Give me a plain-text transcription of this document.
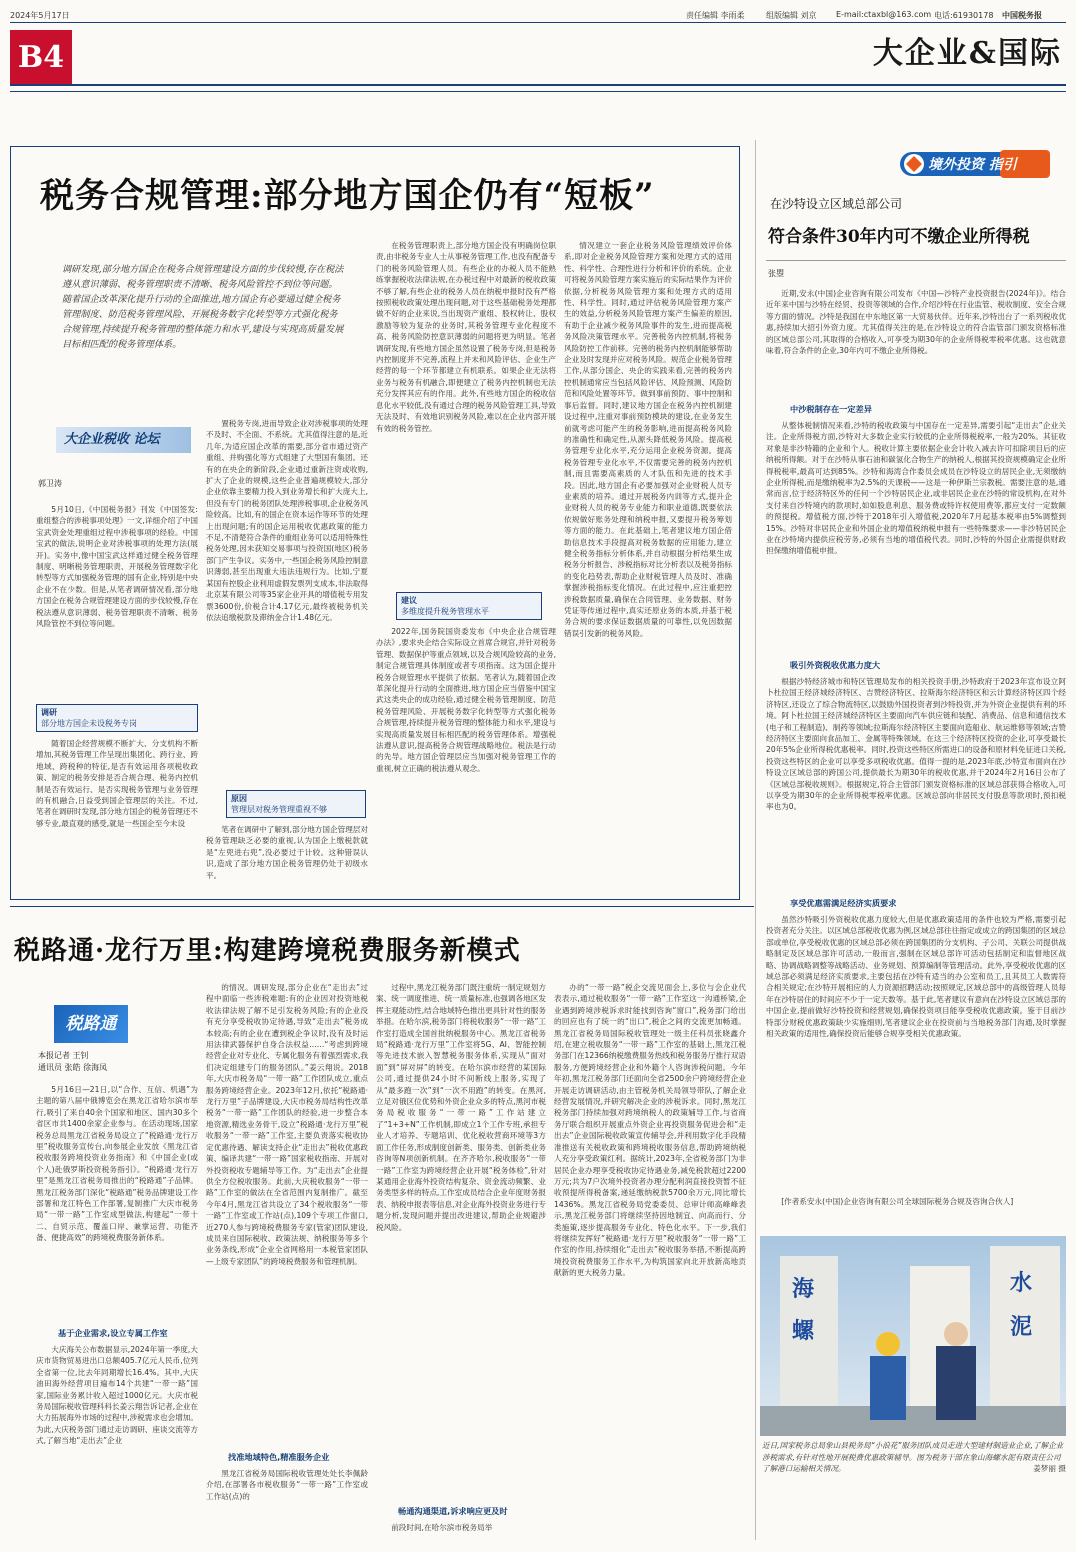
2024年5月17日	责任编辑 李雨柔	组版编辑 刘京 E-mail:ctaxbl@163.com 电话:61930178 中国税务报
B4	大企业&国际
税务合规管理:部分地方国企仍有“短板”
调研发现,部分地方国企在税务合规管理建设方面的步伐较慢,存在税法遵从意识薄弱、税务管理职责不清晰、税务风险管控不到位等问题。随着国企改革深化提升行动的全面推进,地方国企有必要通过健全税务管理制度、防范税务管理风险、开展税务数字化转型等方式强化税务合规管理,持续提升税务管理的整体能力和水平,建设与实现高质量发展目标相匹配的税务管理体系。
大企业税收 论坛
郭卫涛

5月10日,《中国税务报》刊发《中国签发:重组整合的涉税事项处理》一文,详细介绍了中国宝武资金处理重组过程中涉税事项的经验。中国宝武的做法,说明企业对涉税事项的处理方法(展开)。实务中,像中国宝武这样通过健全税务管理制度、明晰税务管理职责、开展税务管理数字化转型等方式加强税务管理的国有企业,特别是中央企业不在少数。但是,从笔者调研情况看,部分地方国企在税务合规管理建设方面的步伐较慢,存在税法遵从意识薄弱、税务管理职责不清晰、税务风险管控不到位等问题。

调研
部分地方国企未设税务专岗

随着国企经营规模不断扩大、分支机构不断增加,其税务管理工作呈现出集团化、跨行业、跨地域、跨税种的特征,是否有效运用各项税收政策、制定的税务安排是否合规合理、税务内控机制是否有效运行、是否实现税务管理与业务管理的有机融合,日益受到国企管理层的关注。不过,笔者在调研时发现,部分地方国企的税务管理还不够专业,最直观的感受,就是一些国企至今未设

置税务专岗,进而导致企业对涉税事项的处理不及时、不全面、不系统。尤其值得注意的是,近几年,为适应国企改革的需要,部分省市通过资产重组、并购强化等方式组建了大型国有集团。还有的在央企的新阶段,企业通过重新注资或收购,扩大了企业的规模,这些企业普遍规模较大,部分企业依靠主要精力投入到业务增长和扩大庞大上,但没有专门的税务团队处理涉税事项,企业税务风险较高。比如,有的国企在资本运作等环节的处理上出现问题;有的国企运用税收优惠政策的能力不足,不清楚符合条件的重组业务可以适用特殊性税务处理,因未获知交易事项与投资国(地区)税务部门产生争议。实务中,一些国企税务风险控制意识薄弱,甚至出现重大违法违规行为。比如,宁夏某国有控股企业利用虚假发票列支成本,非法取得北京某有限公司等35家企业开具的增值税专用发票3600份,价税合计4.17亿元,最终被税务机关依法追缴税款及滞纳金合计1.48亿元。

原因
管理层对税务管理重视不够

笔者在调研中了解到,部分地方国企管理层对税务管理缺乏必要的重视,认为国企上缴税款就是“左兜进右兜”,没必要过于计较。这种错误认识,造成了部分地方国企税务管理仍处于初级水平。

在税务管理职责上,部分地方国企没有明确岗位职责,由非税务专业人士从事税务管理工作,也没有配备专门的税务风险管理人员。有些企业的办税人员不能熟练掌握税收法律法规,在办税过程中对最新的税收政策不够了解,有些企业的税务人员在纳税申报时没有严格按照税收政策处理出现问题,对于这些基础税务处理都做不好的企业来说,当出现资产重组、股权转让、股权激励等较为复杂的业务时,其税务管理专业化程度不高、税务风险防控意识薄弱的问题将更为明显。笔者调研发现,有些地方国企虽然设置了税务专岗,但是税务内控制度并不完善,流程上并未和风险评估、企业生产经营的每一个环节都建立有机联系。如果企业无法将业务与税务有机融合,即便建立了税务内控机制也无法充分发挥其应有的作用。此外,有些地方国企的税收信息化水平较低,没有通过合理的税务风险管理工具,导致无法及时、有效地识别税务风险,难以在企业内部开展有效的税务管控。

建议
多维度提升税务管理水平

2022年,国务院国资委发布《中央企业合规管理办法》,要求央企结合实际设立首席合规官,并针对税务管理、数据保护等重点领域,以及合规风险较高的业务,制定合规管理具体制度或者专项指南。这为国企提升税务合规管理水平提供了依据。笔者认为,随着国企改革深化提升行动的全面推进,地方国企应当借鉴中国宝武这类央企的成功经验,通过健全税务管理制度、防范税务管理风险、开展税务数字化转型等方式强化税务合规管理,持续提升税务管理的整体能力和水平,建设与实现高质量发展目标相匹配的税务管理体系。增强税法遵从意识,提高税务合规管理战略地位。税法是行动的先导。地方国企管理层应当加强对税务管理工作的重视,树立正确的税法遵从观念。

情况建立一套企业税务风险管理绩效评价体系,即对企业税务风险管理方案和处理方式的适用性、科学性、合理性进行分析和评价的系统。企业可将税务风险管理方案实施后的实际结果作为评价依据,分析税务风险管理方案和处理方式的适用性、科学性。同时,通过评估税务风险管理方案产生的效益,分析税务风险管理方案产生偏差的原因,有助于企业减少税务风险事件的发生,进而提高税务风险决策管理水平。完善税务内控机制,将税务风险防控工作前移。完善的税务内控机制能够帮助企业及时发现并应对税务风险。规范企业税务管理工作,从部分国企、央企的实践来看,完善的税务内控机制通常应当包括风险评估、风险预测、风险防范和风险处置等环节。做到事前预防、事中控制和事后监督。同时,建议地方国企在税务内控机制建设过程中,注重对事前预防模块的建设,在业务发生前就考虑可能产生的税务影响,进而提高税务风险的准确性和确定性,从源头降低税务风险。提高税务管理专业化水平,充分运用企业税务资源。提高税务管理专业化水平,不仅需要完善的税务内控机制,而且需要高素质的人才队伍和先进的技术手段。因此,地方国企有必要加强对企业财税人员专业素质的培养。通过开展税务内训等方式,提升企业财税人员的税务专业能力和职业道德,既要依法依规做好账务处理和纳税申报,又要提升税务筹划等方面的能力。在此基础上,笔者建议地方国企借助信息技术手段提高对税务数据的应用能力,建立健全税务指标分析体系,并自动根据分析结果生成税务分析报告、涉税指标对比分析表以及税务指标的变化趋势表,帮助企业财税管理人员及时、准确掌握涉税指标变化情况。在此过程中,应注重把控涉税数据质量,确保在合同管理、业务数据、财务凭证等传递过程中,真实还原业务的本质,并基于税务合规的要求保证数据质量的可靠性,以免因数据错误引发新的税务风险。

境外投资 指引
在沙特设立区域总部公司
符合条件30年内可不缴企业所得税
张曌

近期,安永(中国)企业咨询有限公司发布《中国—沙特产业投资报告(2024年)》。结合近年来中国与沙特在经贸、投资等领域的合作,介绍沙特在行业监管、税收制度、安全合规等方面的情况。沙特是我国在中东地区第一大贸易伙伴。近年来,沙特出台了一系列税收优惠,持续加大招引外资力度。尤其值得关注的是,在沙特设立的符合监管部门颁发资格标准的区域总部公司,其取得的合格收入,可享受为期30年的企业所得税零税率优惠。这也就意味着,符合条件的企业,30年内可不缴企业所得税。

中沙税制存在一定差异

从整体税制情况来看,沙特的税收政策与中国存在一定差异,需要引起“走出去”企业关注。企业所得税方面,沙特对大多数企业实行较低的企业所得税税率,一般为20%。其征收对象是非沙特籍的企业和个人。税收计算主要依据企业会计收入减去许可扣除项目后的应纳税所得额。对于在沙特从事石油和碳氢化合物生产的纳税人,根据其投资规模确定企业所得税税率,最高可达到85%。沙特和海湾合作委员会成员在沙特设立的居民企业,无须缴纳企业所得税,而是缴纳税率为2.5%的天课税——这是一种伊斯兰宗教税。需要注意的是,通常而言,位于经济特区外的任何一个沙特居民企业,或非居民企业在沙特的常设机构,在对外支付来自沙特境内的款项时,如如股息利息、服务费或特许权使用费等,都应支付一定数额的预提税。增值税方面,沙特于2018年引入增值税,2020年7月起基本税率由5%调整到15%。沙特对非居民企业和外国企业的增值税纳税申报有一些特殊要求——非沙特居民企业在沙特境内提供应税劳务,必须有当地的增值税代表。同时,沙特的外国企业需提供财政担保缴纳增值税申报。

吸引外资税收优惠力度大

根据沙特经济城市和特区管理局发布的相关投资手册,沙特政府于2023年宣布设立阿卜杜拉国王经济城经济特区、吉赞经济特区、拉斯海尔经济特区和云计算经济特区四个经济特区,还设立了综合物流特区,以鼓励外国投资者到沙特投资,并为外资企业提供有利的环境。阿卜杜拉国王经济城经济特区主要面向汽车供应链和装配、消费品、信息和通信技术(电子和工程制造)、制药等领域;拉斯海尔经济特区主要面向造船业、航运维修等领域;吉赞经济特区主要面向食品加工、金属等特殊领域。在这三个经济特区投资的企业,可享受最长20年5%企业所得税优惠税率。同时,投资这些特区所需进口的设备和原材料免征进口关税,投资这些特区的企业可以享受多项税收优惠。值得一提的是,2023年底,沙特宣布面向在沙特设立区域总部的跨国公司,提供最长为期30年的税收优惠,并于2024年2月16日公布了《区域总部税收规则》。根据规定,符合主管部门颁发资格标准的区域总部获得合格收入,可以享受为期30年的企业所得税零税率优惠。区域总部向非居民支付股息等款项时,预扣税率也为0。

享受优惠需满足经济实质要求

虽然沙特吸引外资税收优惠力度较大,但是优惠政策适用的条件也较为严格,需要引起投资者充分关注。以区域总部税收优惠为例,区域总部往往指定或成立的跨国集团的区域总部或单位,享受税收优惠的区域总部必须在跨国集团的分支机构、子公司、关联公司提供战略制定及区域总部许可活动,一般而言,强制在区域总部许可活动包括制定和监督地区战略、协调战略调整等战略活动、业务规划、预算编制等管理活动。此外,享受税收优惠的区域总部必须满足经济实质要求,主要包括在沙特有适当的办公室和员工,且其员工人数需符合相关规定;在沙特开展相应的人力资源招聘活动;按照规定,区域总部中的高级管理人员每年在沙特居住的时间应不少于一定天数等。基于此,笔者建议有意向在沙特设立区域总部的中国企业,提前做好沙特投资和经营规划,确保投资项目能享受税收优惠政策。鉴于目前沙特部分财税优惠政策缺少实施细则,笔者建议企业在投资前与当地税务部门沟通,及时掌握相关政策的适用性,确保投资后能够合规享受相关优惠政策。

[作者系安永(中国)企业咨询有限公司全球国际税务合规及咨询合伙人]

海
螺
水
泥
近日,国家税务总局象山县税务局“小浪花”服务团队成员走进大型建材制造业企业,了解企业涉税需求,有针对性地开展税费优惠政策辅导。图为税务干部在象山海螺水泥有限责任公司了解港口运输相关情况。	姜梦丽 摄
税路通·龙行万里:构建跨境税费服务新模式
税路通
本报记者 王钊
通讯员 张皓 徐海凤

5月16日—21日,以“合作、互信、机遇”为主题的第八届中俄博览会在黑龙江省哈尔滨市举行,吸引了来自40余个国家和地区、国内30多个省区市共1400余家企业参与。在活动现场,国家税务总局黑龙江省税务局设立了“税路通·龙行万里”税收服务宣传台,向参展企业发放《黑龙江省税收服务跨境投资业务指南》和《中国企业(或个人)赴俄罗斯投资税务指引》。“税路通·龙行万里”是黑龙江省税务局推出的“税路通”子品牌。黑龙江税务部门深化“税路通”税务品牌建设工作部署和龙江特色工作部署,复制推广大庆市税务局“一带一路”工作室成型做法,构建起“一带十二、自贸示范、覆盖口岸、兼掌运营、功能齐备、便捷高效”的跨境税费服务新体系。

基于企业需求,设立专属工作室

大庆海关公布数据显示,2024年第一季度,大庆市货物贸易进出口总额405.7亿元人民币,位列全省第一位,比去年同期增长16.4%。其中,大庆油田海外经营项目遍布14个共建“一带一路”国家,国际业务累计收入超过1000亿元。大庆市税务局国际税收管理科科长姜云翔告诉记者,企业在大力拓展海外市场的过程中,涉税需求也会增加。为此,大庆税务部门通过走访调研、座谈交流等方式,了解当地“走出去”企业

的情况。调研发现,部分企业在“走出去”过程中面临一些涉税难题:有的企业因对投资地税收法律法规了解不足引发税务风险;有的企业没有充分享受税收协定待遇,导致“走出去”税务成本较高;有的企业在遭到税企争议时,没有及时运用法律武器保护自身合法权益……“考虑到跨境经营企业对专业化、专属化服务有着强烈需求,我们决定组建专门的服务团队。”姜云翔说。2018年,大庆市税务局“一带一路”工作团队成立,重点服务跨境经营企业。2023年12月,依托“税路通·龙行万里”子品牌建设,大庆市税务局结构性改革税务“一带一路”工作团队的经验,进一步整合本地资源,精选业务骨干,设立“税路通·龙行万里”税收服务“一带一路”工作室,主要负责落实税收协定优惠待遇、解读支持企业“走出去”税收优惠政策、编译共建“一带一路”国家税收指南、开展对外投资税收专题辅导等工作。为“走出去”企业提供全方位税收服务。此前,大庆税收服务“一带一路”工作室的做法在全省范围内复制推广。截至今年4月,黑龙江省共设立了34个税收服务“一带一路”工作室或工作站(点),109个专项工作窗口,近270人参与跨境税费服务专家(管家)团队建设,成员来自国际税收、政策法规、纳税服务等多个业务条线,形成“企业全省网格用一本税管家团队—上级专家团队”的跨境税费服务和管理机制。

找准地域特色,精准服务企业

黑龙江省税务局国际税收管理处处长李佩龄介绍,在部署各市税收服务“一带一路”工作室或工作站(点)的

过程中,黑龙江税务部门既注重统一制定规划方案、统一调度推进、统一质量标准,也强调各地区发挥主观能动性,结合地域特色推出更具针对性的服务举措。在哈尔滨,税务部门将税收服务“一带一路”工作室打造成全国首批纳税服务中心。黑龙江省税务局“税路通·龙行万里”工作室将5G、AI、智能控制等先进技术嵌入智慧税务服务体系,实现从“面对面”到“屏对屏”的转变。在哈尔滨市经营的某国际公司,通过提供24小时不间断线上服务,实现了从“最多跑一次”到“一次不用跑”的转变。在黑河,立足对俄区位优势和外资企业众多的特点,黑河市税务局税收服务“一带一路”工作站建立了“1+3+N”工作机制,即成立1个工作专班,承担专业人才培养、专题培训、优化税收营商环境等3方面工作任务,形成制度创新类、服务类、创新类业务咨询等N项创新机制。在齐齐哈尔,税收服务“一带一路”工作室为跨境经营企业开展“税务体检”,针对某通用企业海外投资结构复杂、资金流动频繁、业务类型多样的特点,工作室成员结合企业年度财务报表、纳税申报表等信息,对企业海外投资业务进行专题分析,发现问题并提出改进建议,帮助企业规避涉税风险。

畅通沟通渠道,诉求响应更及时

前段时间,在哈尔滨市税务局举

办的“一带一路”税企交流见面会上,多位与会企业代表表示,通过税收服务“一带一路”工作室这一沟通桥梁,企业遇到跨境涉税诉求时能找到咨询“窗口”,税务部门给出的回应也有了统一的“出口”,税企之间的交流更加畅通。黑龙江省税务局国际税收管理处一级主任科员张晓鑫介绍,在建立税收服务“一带一路”工作室的基础上,黑龙江税务部门在12366纳税缴费服务热线和税务服务厅推行双语服务,方便跨境经营企业和外籍个人咨询涉税问题。今年年初,黑龙江税务部门还面向全省2500余户跨境经营企业开展走访调研活动,由主管税务机关局领导带队,了解企业经营发展情况,并研究解决企业的涉税诉求。同时,黑龙江税务部门持续加强对跨境纳税人的政策辅导工作,与省商务厅联合组织开展重点外资企业再投资服务促进会和“走出去”企业国际税收政策宣传辅导会,并利用数字化手段精准推送有关税收政策和跨境税收服务信息,帮助跨境纳税人充分享受政策红利。据统计,2023年,全省税务部门为非居民企业办理享受税收协定待遇业务,减免税款超过2200万元;共为7户次境外投资者办理分配利润直接投资暂不征收预提所得税备案,递延缴纳税款5700余万元,同比增长1436%。黑龙江省税务局党委委员、总审计师高峰峰表示,黑龙江税务部门将继续坚持因地制宜、向高而行、分类施策,逐步提高服务专业化、特色化水平。下一步,我们将继续发挥好“税路通·龙行万里”税收服务“一带一路”工作室的作用,持续细化“走出去”税收服务举措,不断提高跨境投资税费服务工作水平,为构筑国家向北开放新高地贡献新的更大税务力量。
